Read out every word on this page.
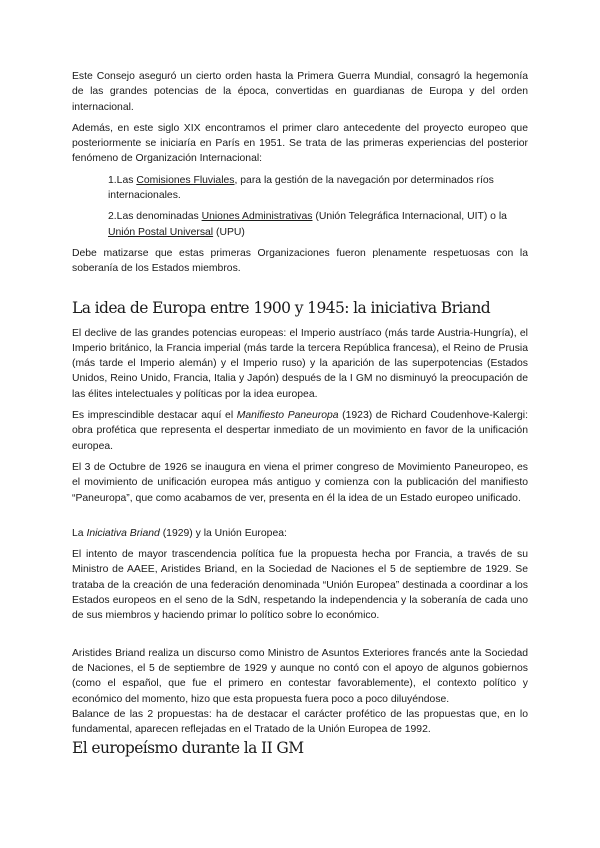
Este Consejo aseguró un cierto orden hasta la Primera Guerra Mundial, consagró la hegemonía de las grandes potencias de la época, convertidas en guardianas de Europa y del orden internacional.

Además, en este siglo XIX encontramos el primer claro antecedente del proyecto europeo que posteriormente se iniciaría en París en 1951. Se trata de las primeras experiencias del posterior fenómeno de Organización Internacional:

1.Las Comisiones Fluviales, para la gestión de la navegación por determinados ríos internacionales.

2.Las denominadas Uniones Administrativas (Unión Telegráfica Internacional, UIT) o la Unión Postal Universal (UPU)

Debe matizarse que estas primeras Organizaciones fueron plenamente respetuosas con la soberanía de los Estados miembros.

La idea de Europa entre 1900 y 1945: la iniciativa Briand

El declive de las grandes potencias europeas: el Imperio austríaco (más tarde Austria-Hungría), el Imperio británico, la Francia imperial (más tarde la tercera República francesa), el Reino de Prusia (más tarde el Imperio alemán) y el Imperio ruso) y la aparición de las superpotencias (Estados Unidos, Reino Unido, Francia, Italia y Japón) después de la I GM no disminuyó la preocupación de las élites intelectuales y políticas por la idea europea.

Es imprescindible destacar aquí el Manifiesto Paneuropa (1923) de Richard Coudenhove-Kalergi: obra profética que representa el despertar inmediato de un movimiento en favor de la unificación europea.

El 3 de Octubre de 1926 se inaugura en viena el primer congreso de Movimiento Paneuropeo, es el movimiento de unificación europea más antiguo y comienza con la publicación del manifiesto “Paneuropa”, que como acabamos de ver, presenta en él la idea de un Estado europeo unificado.

La Iniciativa Briand (1929) y la Unión Europea:

El intento de mayor trascendencia política fue la propuesta hecha por Francia, a través de su Ministro de AAEE, Aristides Briand, en la Sociedad de Naciones el 5 de septiembre de 1929. Se trataba de la creación de una federación denominada “Unión Europea” destinada a coordinar a los Estados europeos en el seno de la SdN, respetando la independencia y la soberanía de cada uno de sus miembros y haciendo primar lo político sobre lo económico.

Aristides Briand realiza un discurso como Ministro de Asuntos Exteriores francés ante la Sociedad de Naciones, el 5 de septiembre de 1929 y aunque no contó con el apoyo de algunos gobiernos (como el español, que fue el primero en contestar favorablemente), el contexto político y económico del momento, hizo que esta propuesta fuera poco a poco diluyéndose.

Balance de las 2 propuestas: ha de destacar el carácter profético de las propuestas que, en lo fundamental, aparecen reflejadas en el Tratado de la Unión Europea de 1992.

El europeísmo durante la II GM
